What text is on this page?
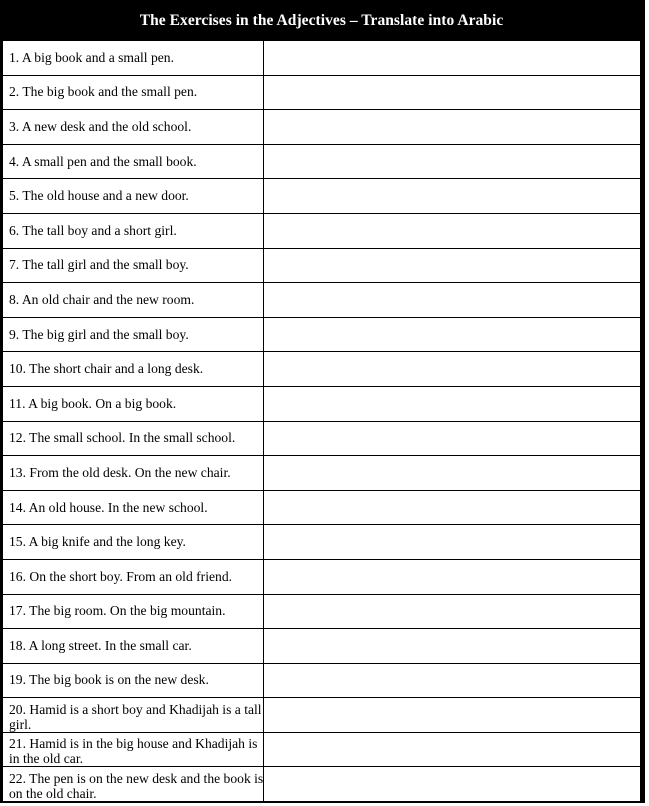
The Exercises in the Adjectives – Translate into Arabic
1. A big book and a small pen.	

2. The big book and the small pen.	

3. A new desk and the old school.	

4. A small pen and the small book.	

5. The old house and a new door.	

6. The tall boy and a short girl.	

7. The tall girl and the small boy.	

8. An old chair and the new room.	

9. The big girl and the small boy.	

10. The short chair and a long desk.	

11. A big book. On a big book.	

12. The small school. In the small school.	

13. From the old desk. On the new chair.	

14. An old house. In the new school.	

15. A big knife and the long key.	

16. On the short boy. From an old friend.	

17. The big room. On the big mountain.	

18. A long street. In the small car.	

19. The big book is on the new desk.	

20. Hamid is a short boy and Khadijah is a tall girl.	

21. Hamid is in the big house and Khadijah is in the old car.	

22. The pen is on the new desk and the book is on the old chair.	
